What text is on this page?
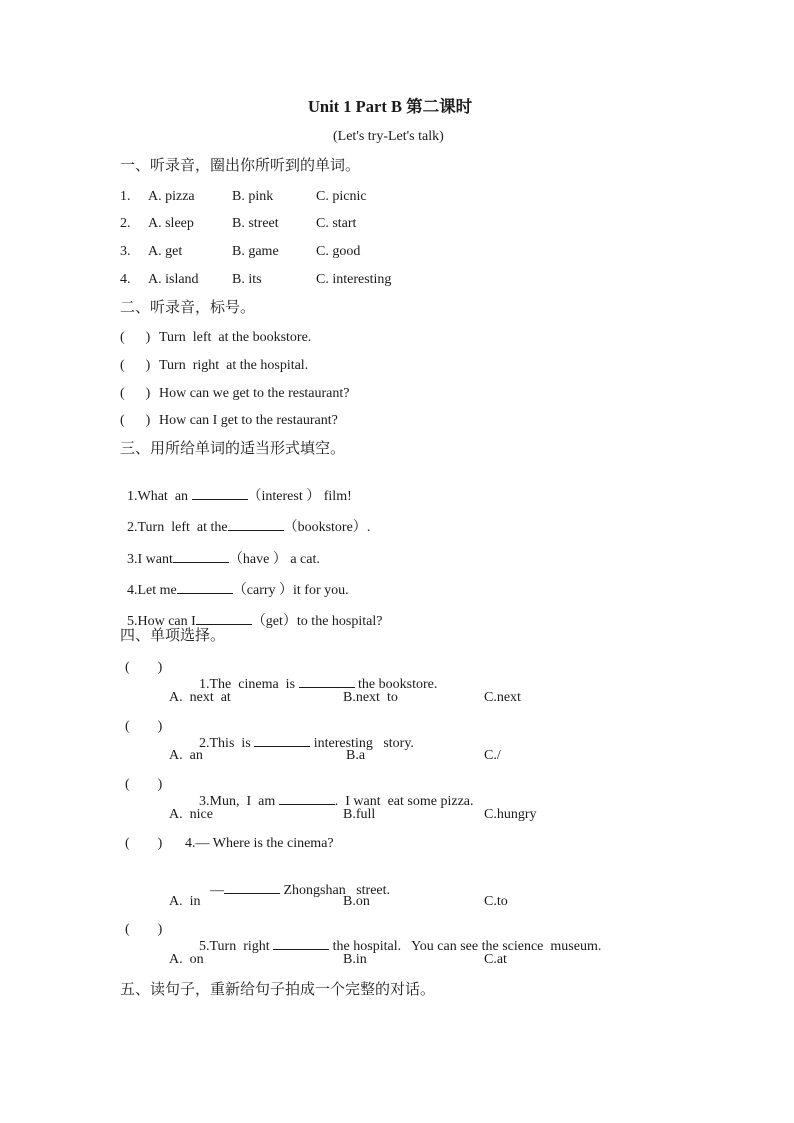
Unit 1 Part B 第二课时
(Let's try-Let's talk)
一、听录音，圈出你所听到的单词。
1. A. pizza	B. pink	C. picnic
2. A. sleep	B. street	C. start
3. A. get	B. game	C. good
4. A. island B. its	C. interesting
二、听录音，标号。
(      ) Turn  left  at the bookstore.
(      ) Turn  right  at the hospital.
(      ) How can we get to the restaurant?
(      ) How can I get to the restaurant?
三、用所给单词的适当形式填空。

1.What  an	（interest ） film!

2.Turn  left  at the	（bookstore）.

3.I want	（have ） a cat.

4.Let me	（carry ）it for you.

5.How can I	（get）to the hospital?

四、单项选择。
(        )

1.The  cinema  is	the bookstore.

A.  next  at	B.next  to	C.next
(        )

2.This  is	interesting   story.

A.  an	B.a	C./
(        )

3.Mun,  I  am	.  I want  eat some pizza.

A.  nice	B.full	C.hungry
(        ) 4.— Where is the cinema?

—	Zhongshan   street.

A.  in	B.on	C.to
(        )

5.Turn  right	the hospital.   You can see the science  museum.

A.  on	B.in	C.at
五、读句子，重新给句子拍成一个完整的对话。
